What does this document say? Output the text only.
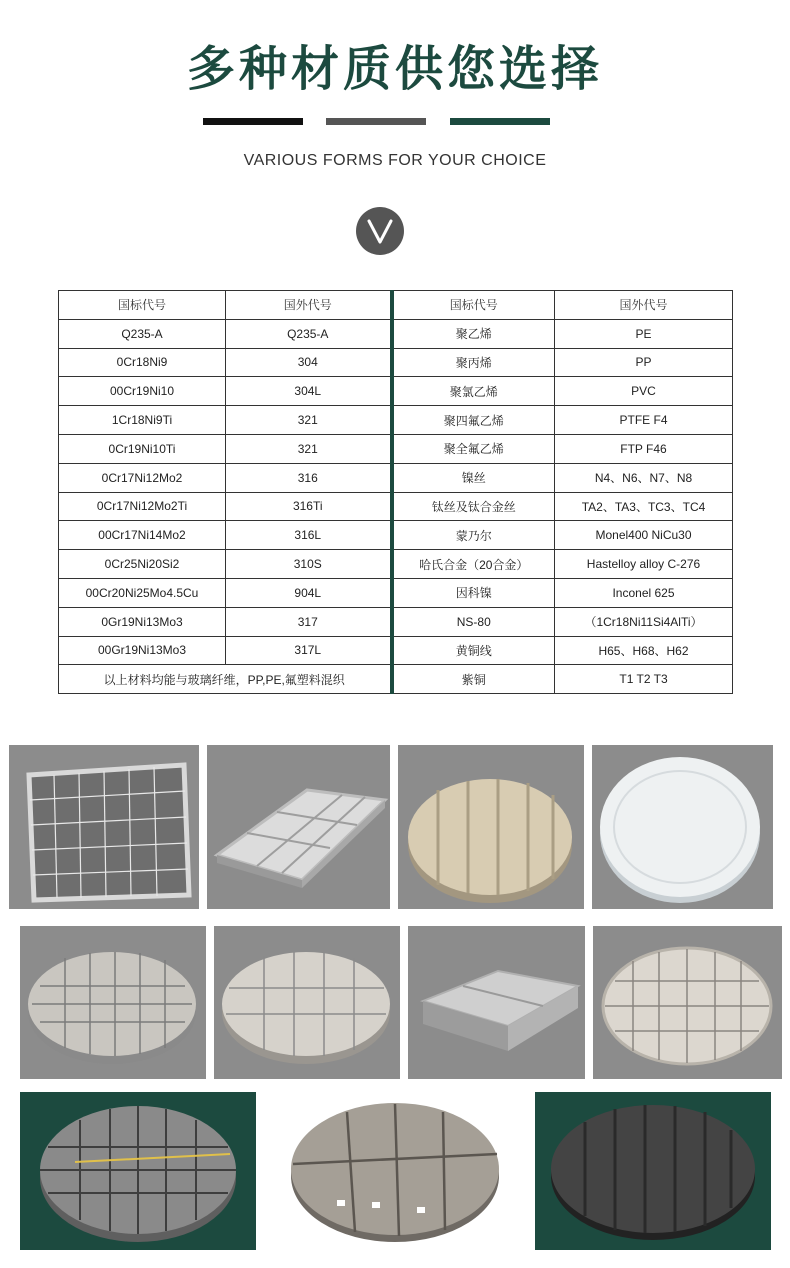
多种材质供您选择
VARIOUS FORMS FOR YOUR CHOICE
国标代号	国外代号	国标代号	国外代号
Q235-A	Q235-A	聚乙烯	PE
0Cr18Ni9	304	聚丙烯	PP
00Cr19Ni10	304L	聚氯乙烯	PVC
1Cr18Ni9Ti	321	聚四氟乙烯	PTFE F4
0Cr19Ni10Ti	321	聚全氟乙烯	FTP F46
0Cr17Ni12Mo2	316	镍丝	N4、N6、N7、N8
0Cr17Ni12Mo2Ti	316Ti	钛丝及钛合金丝	TA2、TA3、TC3、TC4
00Cr17Ni14Mo2	316L	蒙乃尔	Monel400 NiCu30
0Cr25Ni20Si2	310S	哈氏合金（20合金）	Hastelloy alloy C-276
00Cr20Ni25Mo4.5Cu	904L	因科镍	Inconel 625
0Gr19Ni13Mo3	317	NS-80	（1Cr18Ni11Si4AlTi）
00Gr19Ni13Mo3	317L	黄铜线	H65、H68、H62
以上材料均能与玻璃纤维，PP,PE,氟塑料混织		紫铜	T1 T2 T3
